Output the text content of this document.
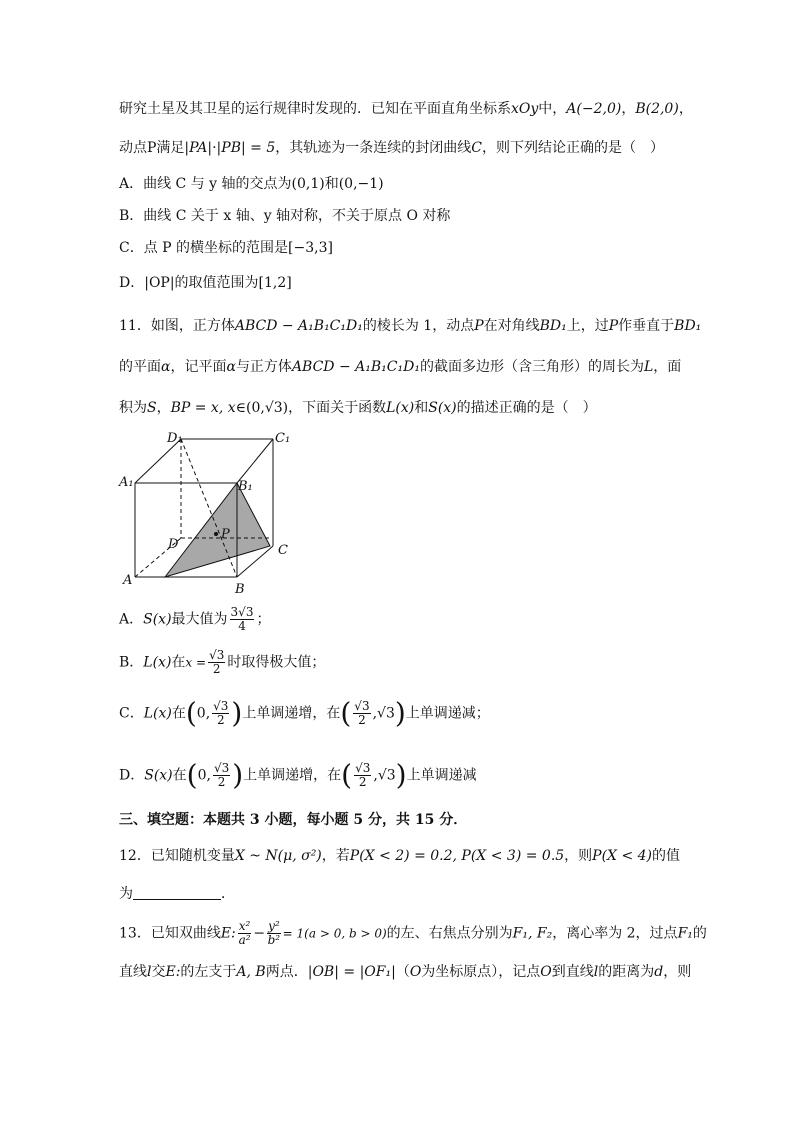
研究土星及其卫星的运行规律时发现的．已知在平面直角坐标系xOy中，A(−2,0)，B(2,0)，
动点P满足|PA|·|PB| = 5，其轨迹为一条连续的封闭曲线C，则下列结论正确的是（　）
A．曲线 C 与 y 轴的交点为(0,1)和(0,−1)
B．曲线 C 关于 x 轴、y 轴对称，不关于原点 O 对称
C．点 P 的横坐标的范围是[−3,3]
D．|OP|的取值范围为[1,2]
11．如图，正方体ABCD − A₁B₁C₁D₁的棱长为 1，动点P在对角线BD₁上，过P作垂直于BD₁
的平面α，记平面α与正方体ABCD − A₁B₁C₁D₁的截面多边形（含三角形）的周长为L，面
积为S，BP = x, x∈(0,√3)，下面关于函数L(x)和S(x)的描述正确的是（　）
D₁	C₁
A₁	B₁
D
P
C
A
B
A．S(x)最大值为 $\frac{3√3}{4}$ ；
B．L(x)在$x = \frac{√3}{2}$ 时取得极大值；
C．L(x)在(0, $\frac{√3}{2}$ )上单调递增，在( $\frac{√3}{2} ,√3$)上单调递减；
D．S(x)在(0, $\frac{√3}{2}$ )上单调递增，在( $\frac{√3}{2} ,√3$)上单调递减
三、填空题：本题共 3 小题，每小题 5 分，共 15 分．
12．已知随机变量X ~ N(μ, σ²)，若P(X < 2) = 0.2, P(X < 3) = 0.5，则P(X < 4)的值
为	．
13．已知双曲线E: $\frac{\text{x²}}{\text{a²}} - \frac{\text{y²}}{\text{b²}} = 1(a > 0$, b > 0)的左、右焦点分别为F₁, F₂，离心率为 2，过点F₁的
直线l交E:的左支于A, B两点．|OB| = |OF₁|（O为坐标原点），记点O到直线l的距离为d，则
